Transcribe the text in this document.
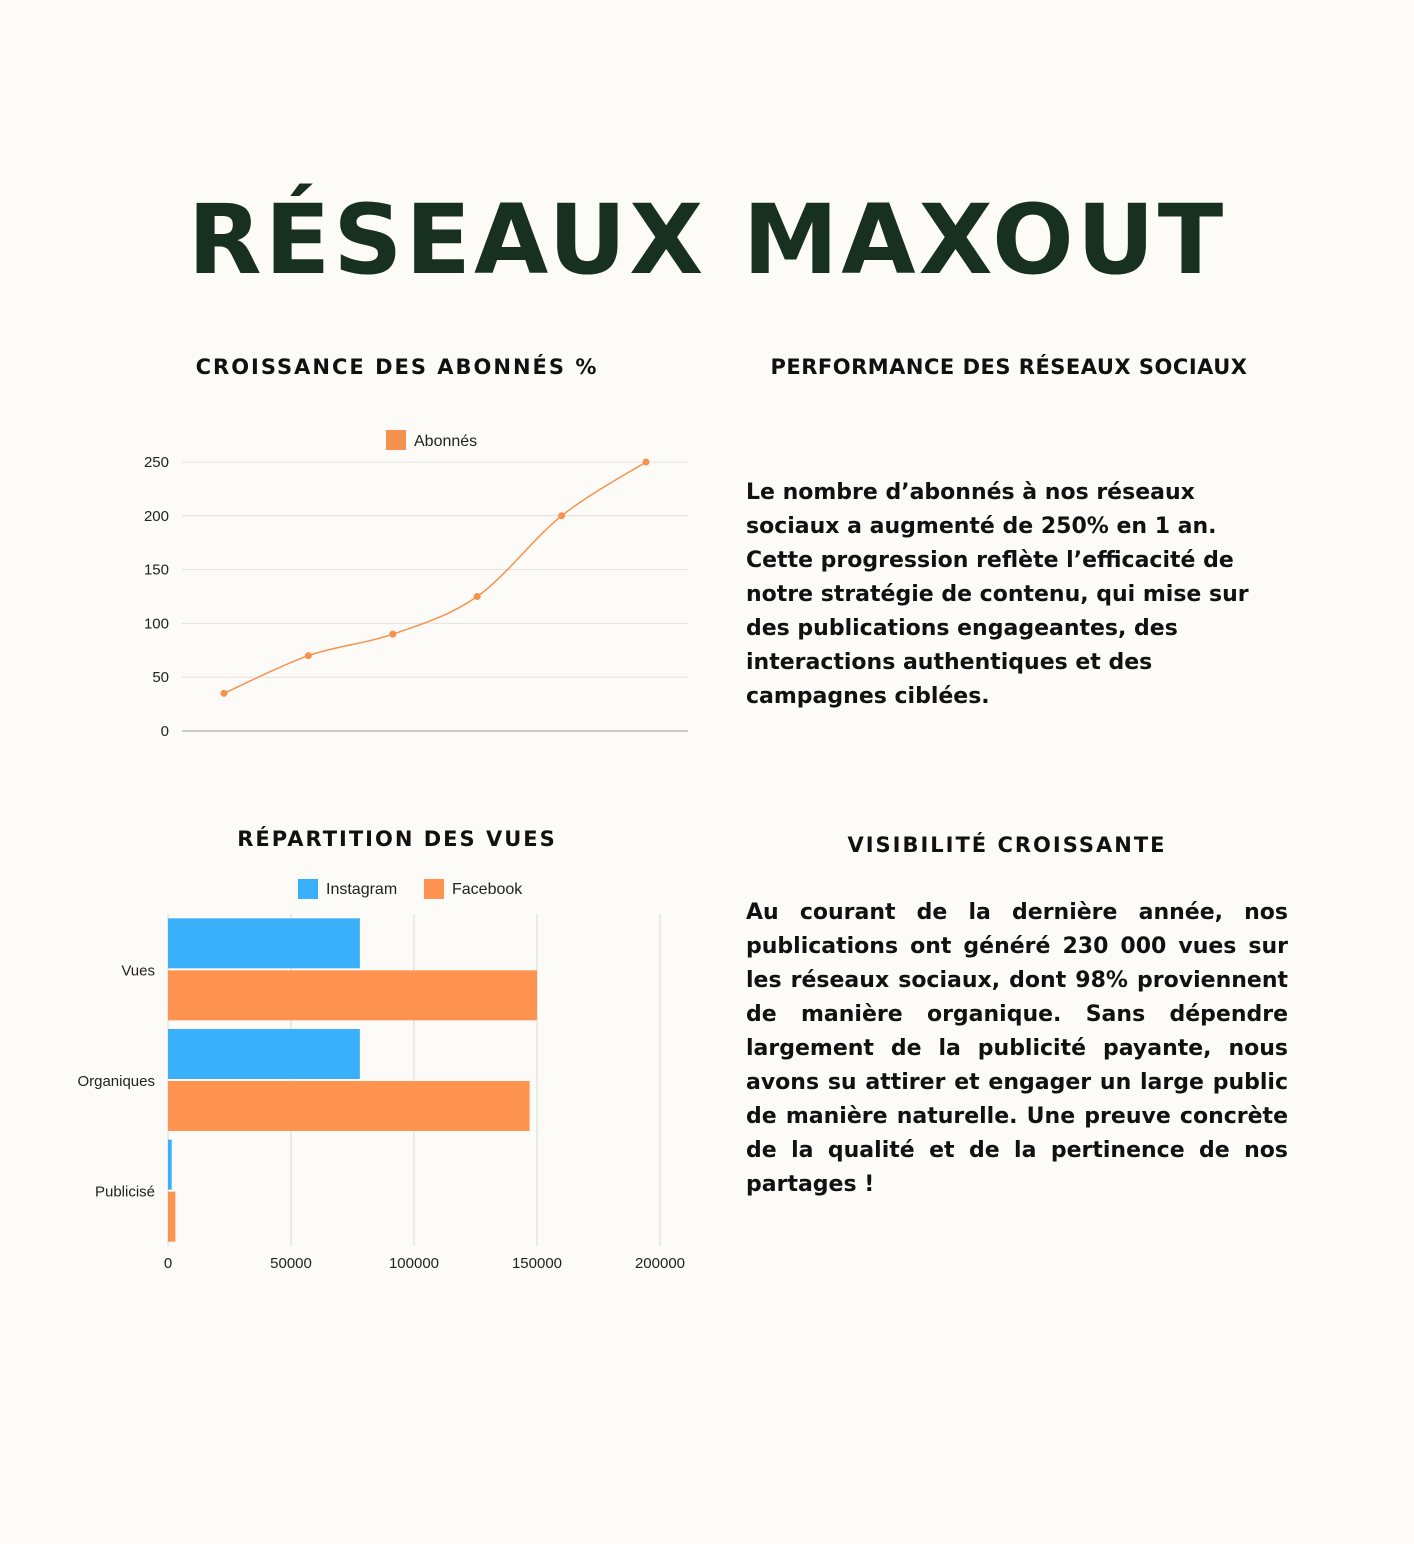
RÉSEAUX MAXOUT
CROISSANCE DES ABONNÉS %
0
50
100
150
200
250
Abonnés
PERFORMANCE DES RÉSEAUX SOCIAUX

Le nombre d’abonnés à nos réseaux sociaux a augmenté de 250% en 1 an. Cette progression reflète l’efficacité de notre stratégie de contenu, qui mise sur des publications engageantes, des interactions authentiques et des campagnes ciblées.

RÉPARTITION DES VUES
0	50000	100000	150000	200000
Instagram	Facebook
Vues
Organiques
Publicisé
VISIBILITÉ CROISSANTE

Au courant de la dernière année, nos publications ont généré 230 000 vues sur les réseaux sociaux, dont 98% proviennent de manière organique. Sans dépendre largement de la publicité payante, nous avons su attirer et engager un large public de manière naturelle. Une preuve concrète de la qualité et de la pertinence de nos partages !
